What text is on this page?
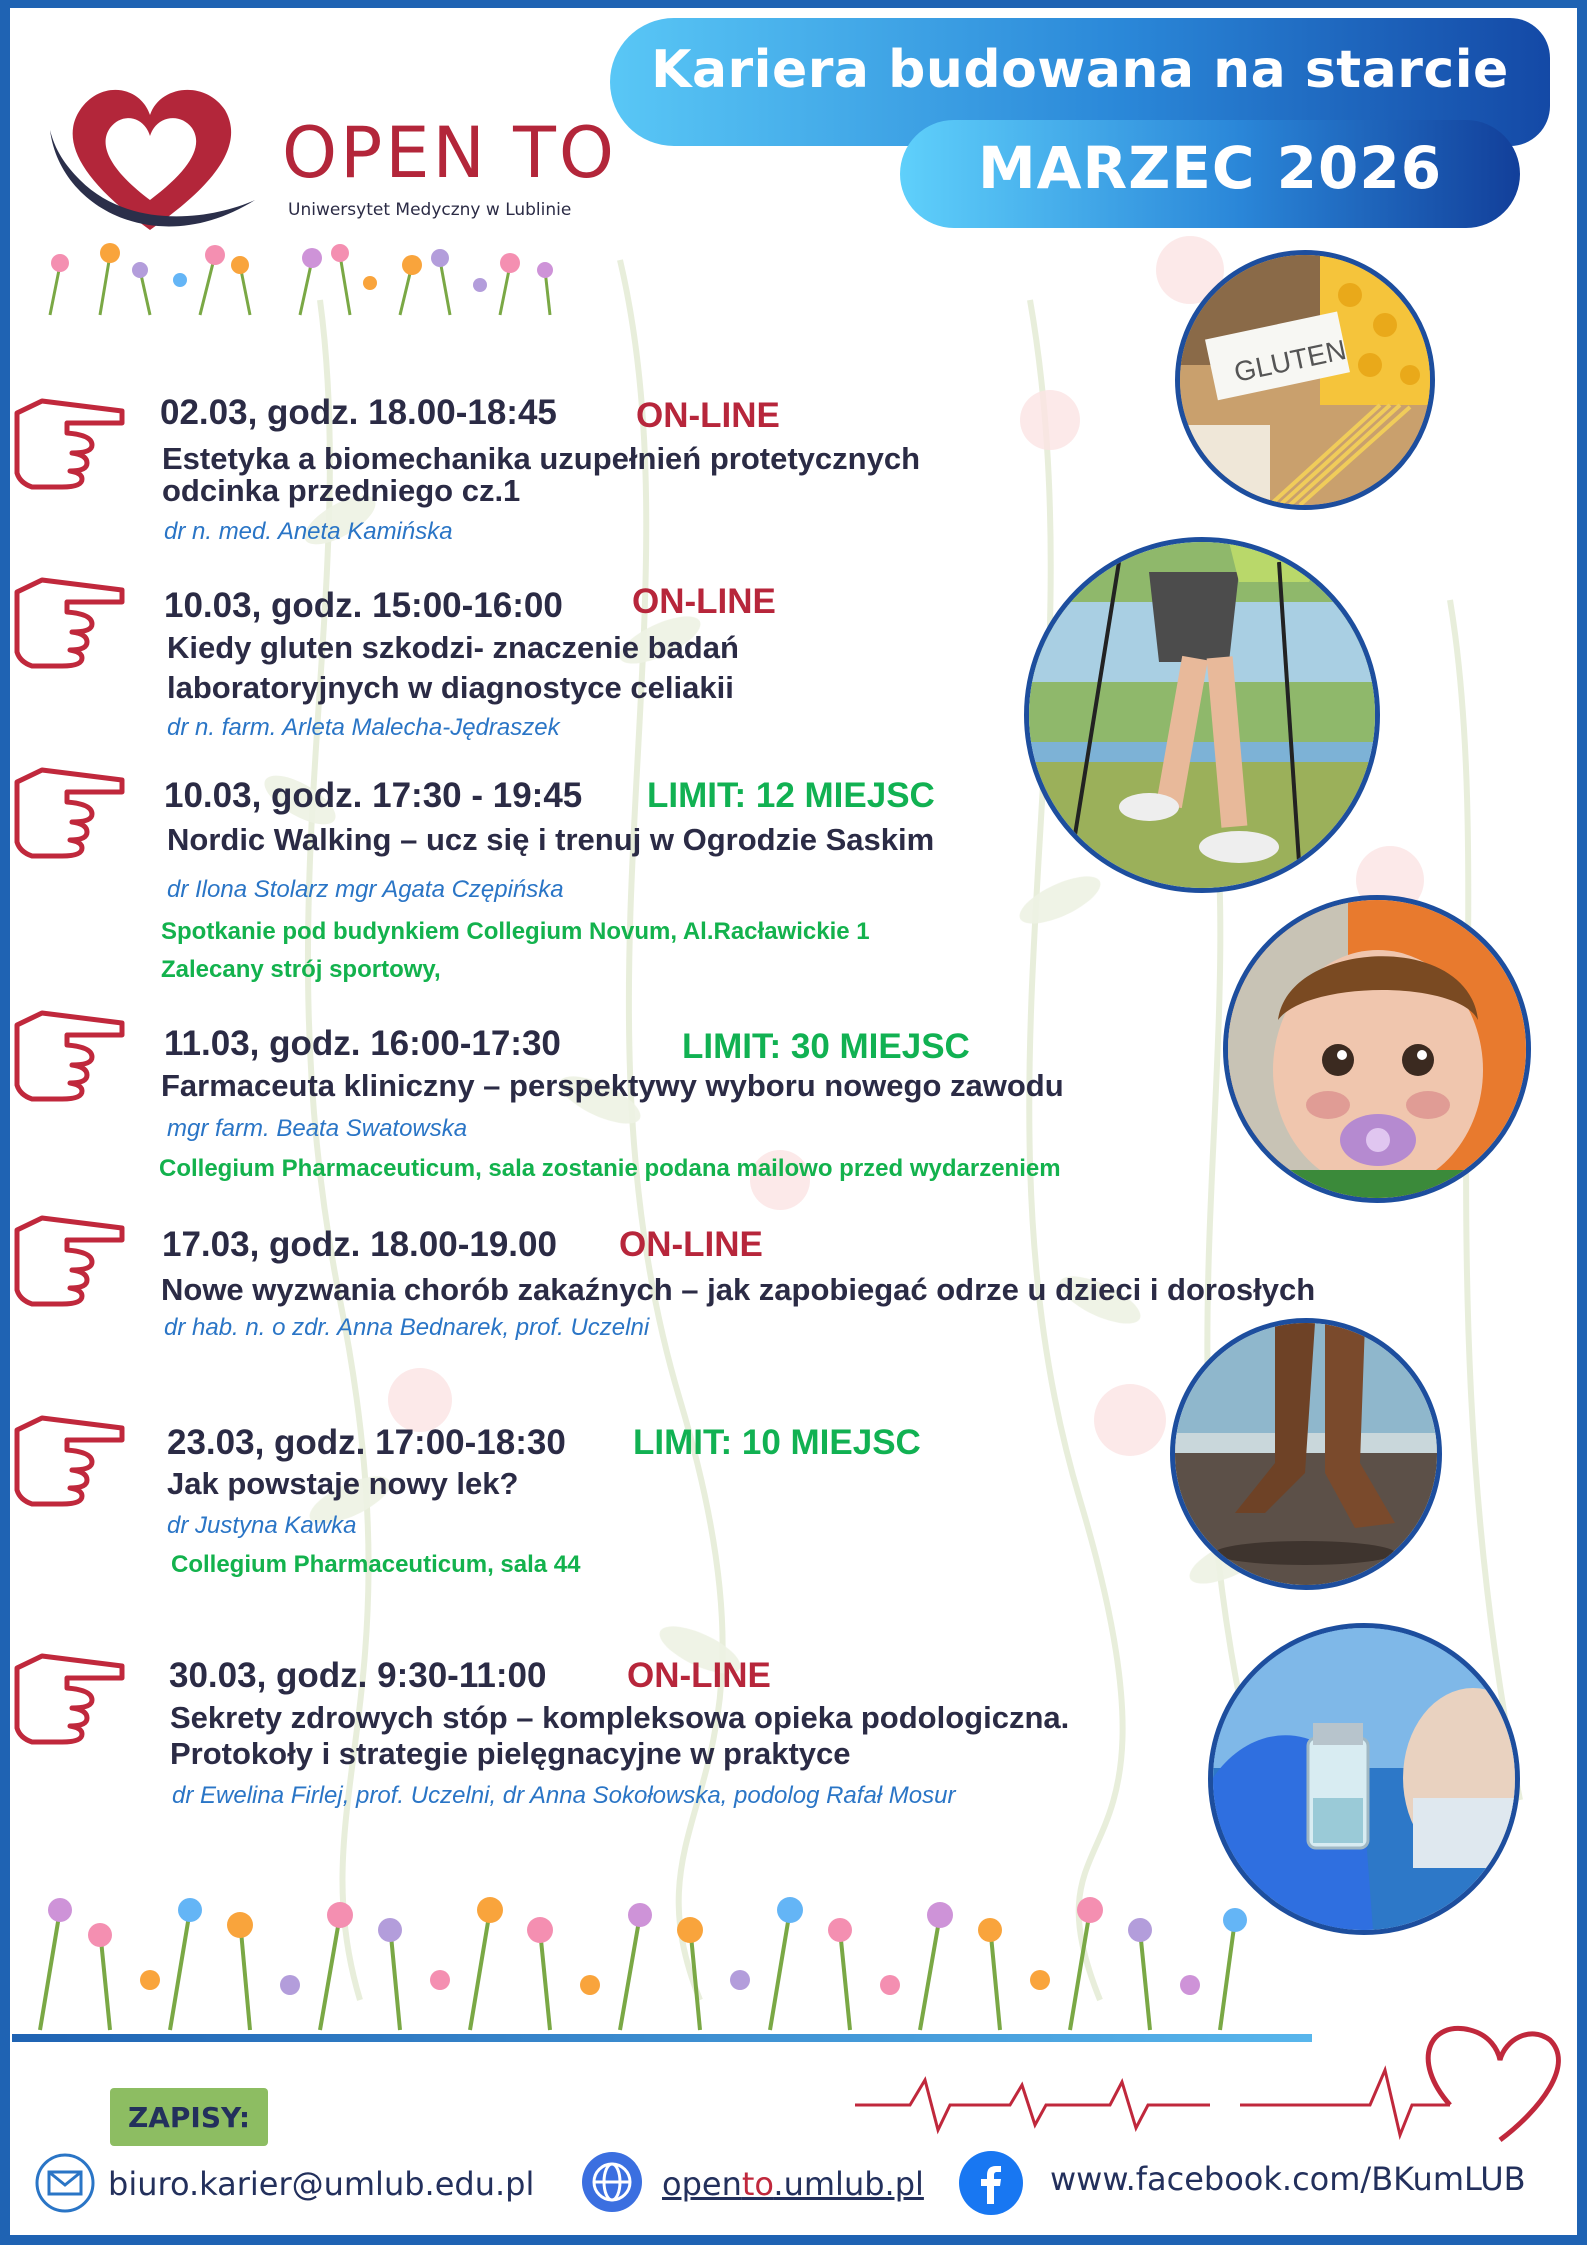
Kariera budowana na starcie
MARZEC 2026
OPEN TO
Uniwersytet Medyczny w Lublinie
02.03, godz. 18.00-18:45 ON-LINE
Estetyka a biomechanika uzupełnień protetycznych
odcinka przedniego cz.1
dr n. med. Aneta Kamińska
10.03, godz. 15:00-16:00 ON-LINE
Kiedy gluten szkodzi- znaczenie badań
laboratoryjnych w diagnostyce celiakii
dr n. farm. Arleta Malecha-Jędraszek
10.03, godz. 17:30 - 19:45 LIMIT: 12 MIEJSC
Nordic Walking – ucz się i trenuj w Ogrodzie Saskim
dr Ilona Stolarz mgr Agata Czępińska
Spotkanie pod budynkiem Collegium Novum, Al.Racławickie 1
Zalecany strój sportowy,
11.03, godz. 16:00-17:30	LIMIT: 30 MIEJSC
Farmaceuta kliniczny – perspektywy wyboru nowego zawodu
mgr farm. Beata Swatowska
Collegium Pharmaceuticum, sala zostanie podana mailowo przed wydarzeniem
17.03, godz. 18.00-19.00 ON-LINE
Nowe wyzwania chorób zakaźnych – jak zapobiegać odrze u dzieci i dorosłych
dr hab. n. o zdr. Anna Bednarek, prof. Uczelni
23.03, godz. 17:00-18:30 LIMIT: 10 MIEJSC
Jak powstaje nowy lek?
dr Justyna Kawka
Collegium Pharmaceuticum, sala 44
30.03, godz. 9:30-11:00 ON-LINE
Sekrety zdrowych stóp – kompleksowa opieka podologiczna.
Protokoły i strategie pielęgnacyjne w praktyce
dr Ewelina Firlej, prof. Uczelni, dr Anna Sokołowska, podolog Rafał Mosur
GLUTEN
ZAPISY:
biuro.karier@umlub.edu.pl	opento.umlub.pl	www.facebook.com/BKumLUB
